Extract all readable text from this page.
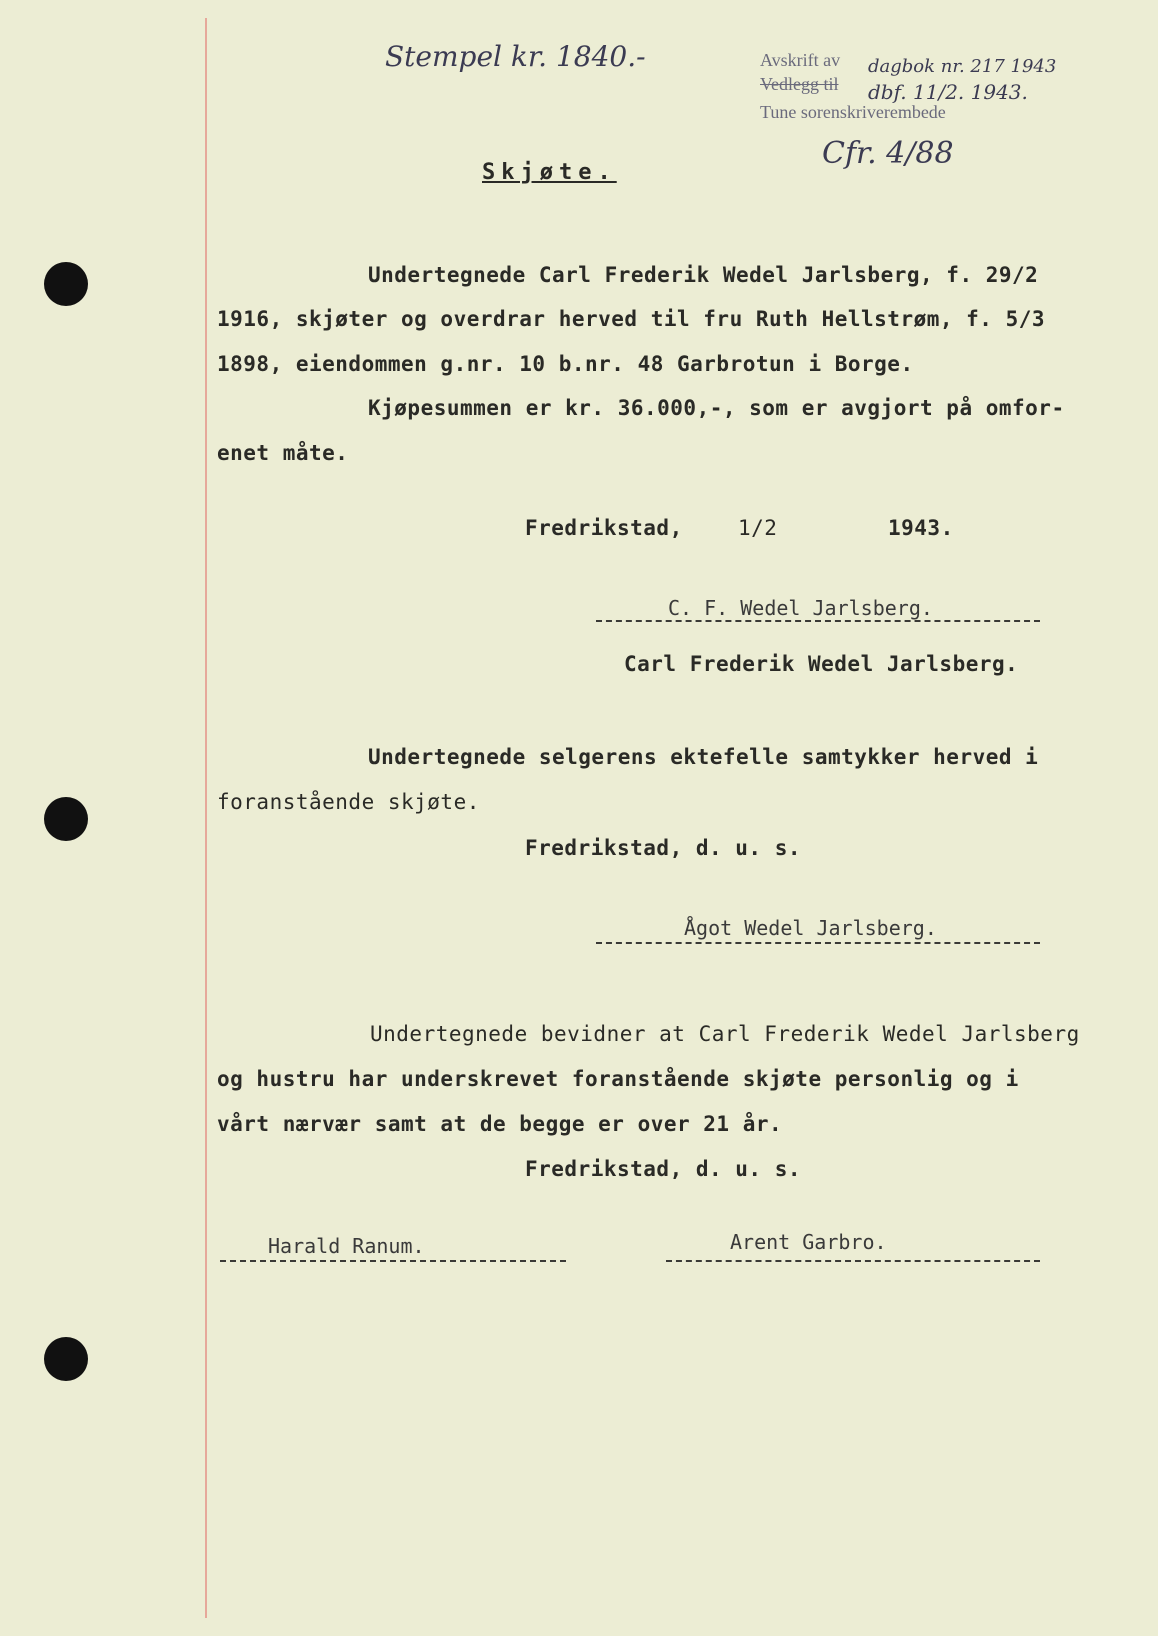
Stempel kr. 1840.-	Avskrift av dagbok nr. 217 1943
Vedlegg til dbf. 11/2. 1943.
Tune sorenskriverembede
Cfr. 4/88
Skjøte.
Undertegnede Carl Frederik Wedel Jarlsberg, f. 29/2
1916, skjøter og overdrar herved til fru Ruth Hellstrøm, f. 5/3
1898, eiendommen g.nr. 10 b.nr. 48 Garbrotun i Borge.
Kjøpesummen er kr. 36.000,-, som er avgjort på omfor-
enet måte.
Fredrikstad,	1/2	1943.
C. F. Wedel Jarlsberg.
Carl Frederik Wedel Jarlsberg.
Undertegnede selgerens ektefelle samtykker herved i
foranstående skjøte.
Fredrikstad, d. u. s.
Ågot Wedel Jarlsberg.
Undertegnede bevidner at Carl Frederik Wedel Jarlsberg
og hustru har underskrevet foranstående skjøte personlig og i
vårt nærvær samt at de begge er over 21 år.
Fredrikstad, d. u. s.
Harald Ranum.	Arent Garbro.
